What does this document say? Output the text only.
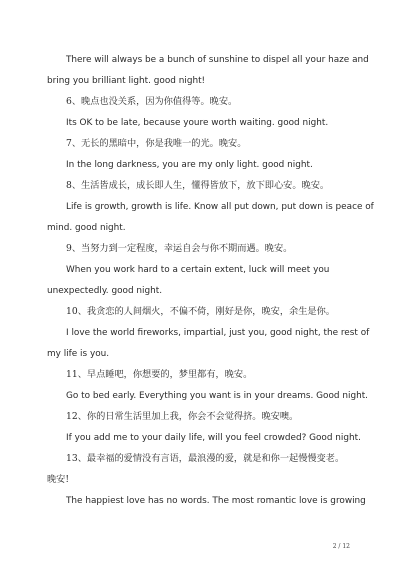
There will always be a bunch of sunshine to dispel all your haze and
bring you brilliant light. good night!
6、晚点也没关系，因为你值得等。晚安。
Its OK to be late, because youre worth waiting. good night.
7、无长的黑暗中，你是我唯一的光。晚安。
In the long darkness, you are my only light. good night.
8、生活皆成长，成长即人生，懂得皆放下，放下即心安。晚安。
Life is growth, growth is life. Know all put down, put down is peace of
mind. good night.
9、当努力到一定程度，幸运自会与你不期而遇。晚安。
When you work hard to a certain extent, luck will meet you
unexpectedly. good night.
10、我贪恋的人间烟火，不偏不倚，刚好是你，晚安，余生是你。
I love the world fireworks, impartial, just you, good night, the rest of
my life is you.
11、早点睡吧，你想要的，梦里都有，晚安。
Go to bed early. Everything you want is in your dreams. Good night.
12、你的日常生活里加上我，你会不会觉得挤。晚安噢。
If you add me to your daily life, will you feel crowded? Good night.
13、最幸福的爱情没有言语，最浪漫的爱，就是和你一起慢慢变老。
晚安!
The happiest love has no words. The most romantic love is growing
2 / 12
